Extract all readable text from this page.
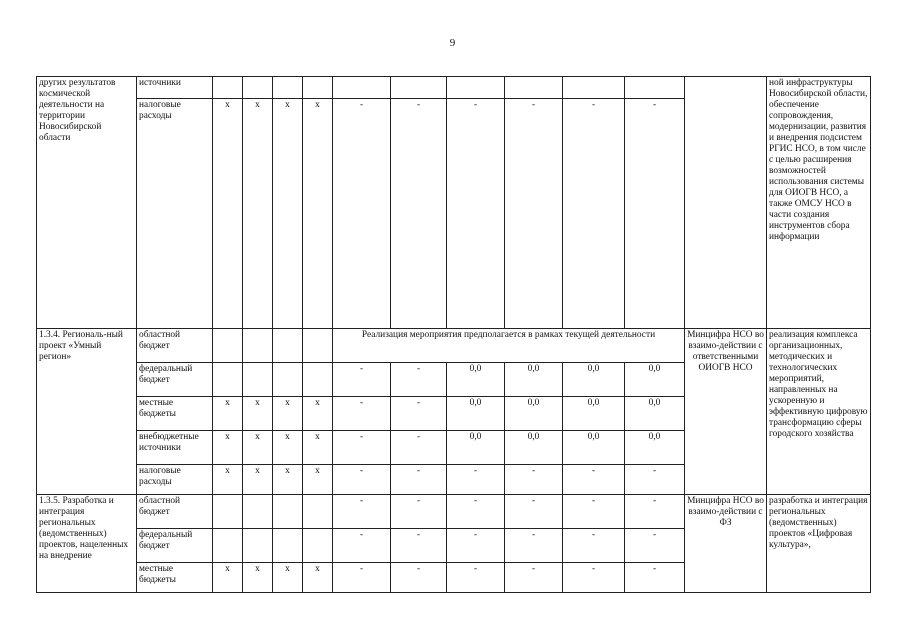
9
других результатов космической деятельности на территории Новосибирской области	источники												ной инфраструктуры Новосибирской области, обеспечение сопровождения, модернизации, развития и внедрения подсистем РГИС НСО, в том числе с целью расширения возможностей использования системы для ОИОГВ НСО, а также ОМСУ НСО в части создания инструментов сбора информации
	налоговые расходы	x	x	x	x	-	-	-	-	-	-		
1.3.4. Региональ-ный проект «Умный регион»	областной бюджет					Реализация мероприятия предполагается в рамках текущей деятельности						Минцифра НСО во взаимо-действии с ответственными ОИОГВ НСО	реализация комплекса организационных, методических и технологических мероприятий, направленных на ускоренную и эффективную цифровую трансформацию сферы городского хозяйства
	федеральный бюджет					-	-	0,0	0,0	0,0	0,0		
	местные бюджеты	x	x	x	x	-	-	0,0	0,0	0,0	0,0		
	внебюджетные источники	x	x	x	x	-	-	0,0	0,0	0,0	0,0		
	налоговые расходы	x	x	x	x	-	-	-	-	-	-		
1.3.5. Разработка и интеграция региональных (ведомственных) проектов, нацеленных на внедрение	областной бюджет					-	-	-	-	-	-	Минцифра НСО во взаимо-действии с ФЗ	разработка и интеграция региональных (ведомственных) проектов «Цифровая культура»,
	федеральный бюджет					-	-	-	-	-	-		
	местные бюджеты	x	x	x	x	-	-	-	-	-	-		
